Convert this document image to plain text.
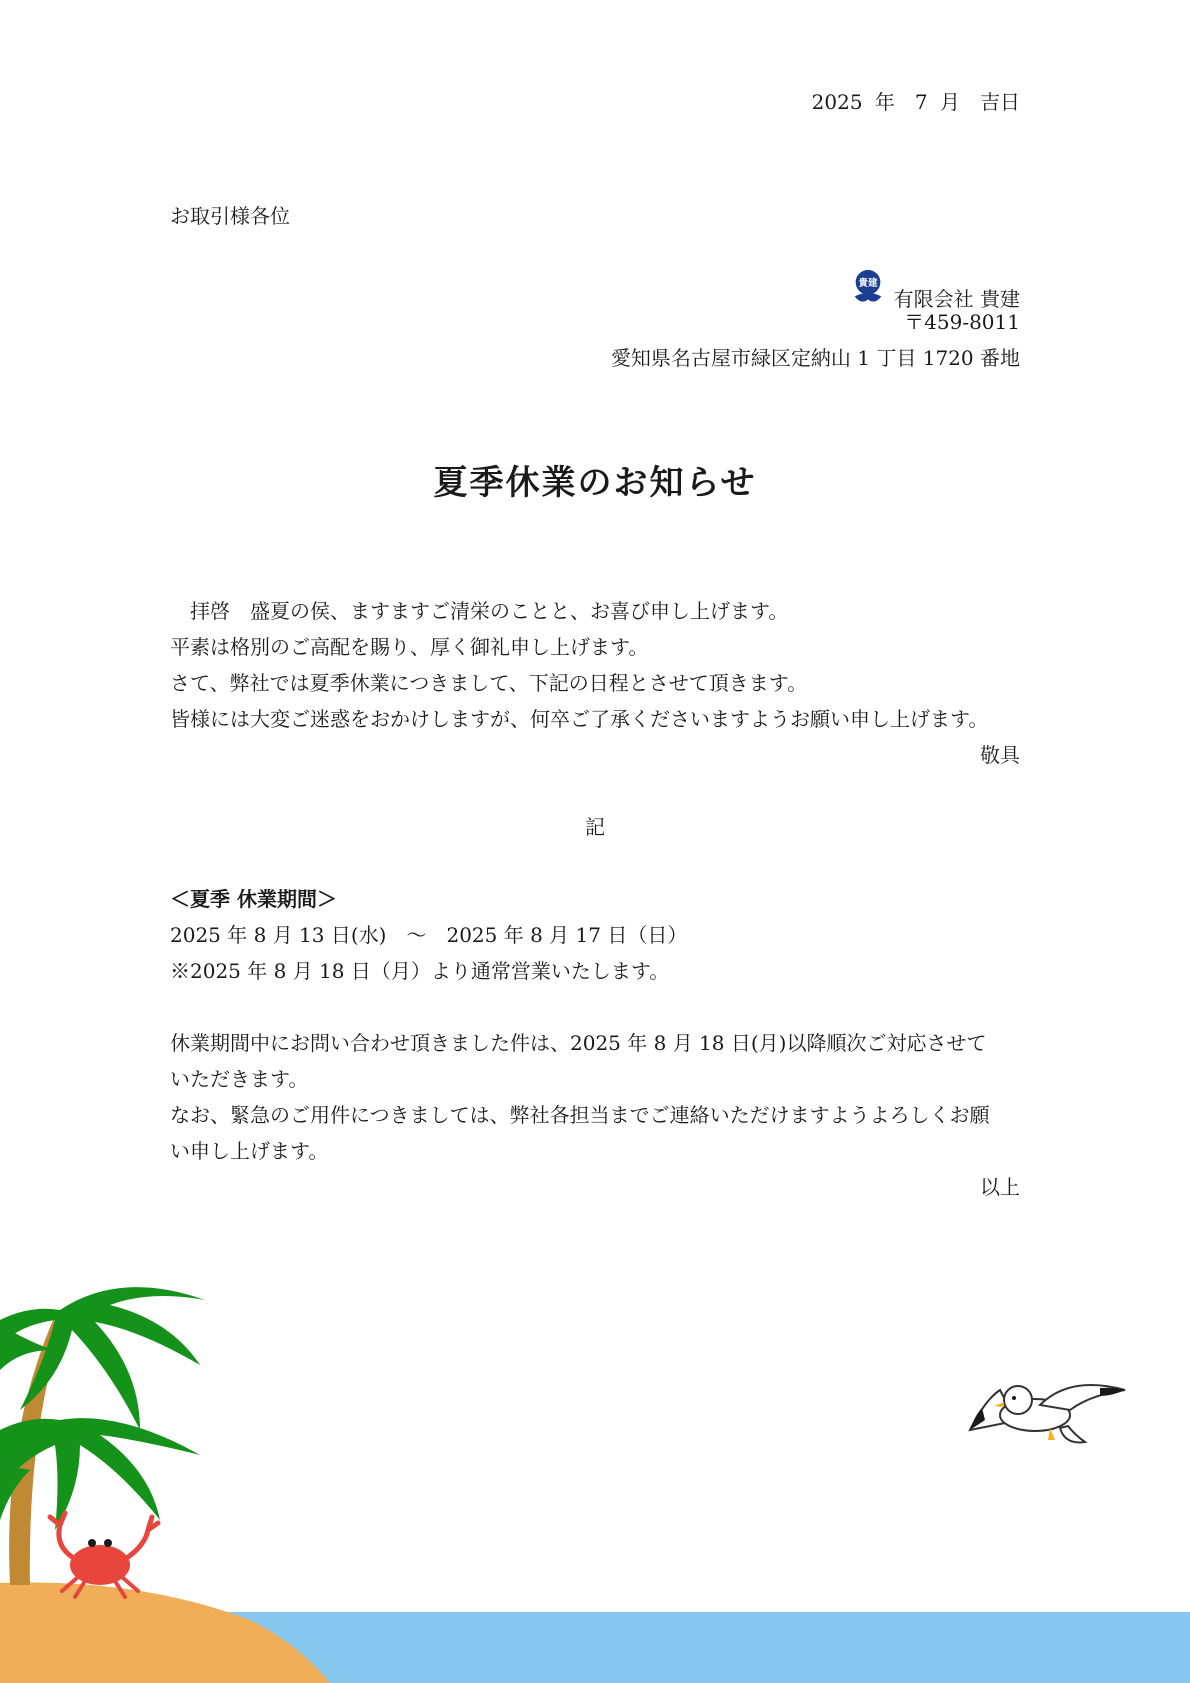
2025 年　7 月　吉日
お取引様各位
貴建
有限会社 貴建
〒459-8011
愛知県名古屋市緑区定納山 1 丁目 1720 番地
夏季休業のお知らせ
拝啓　盛夏の侯、ますますご清栄のことと、お喜び申し上げます。
平素は格別のご高配を賜り、厚く御礼申し上げます。
さて、弊社では夏季休業につきまして、下記の日程とさせて頂きます。
皆様には大変ご迷惑をおかけしますが、何卒ご了承くださいますようお願い申し上げます。
敬具
記
＜夏季 休業期間＞
2025 年 8 月 13 日(水)　～　2025 年 8 月 17 日（日）
※2025 年 8 月 18 日（月）より通常営業いたします。
休業期間中にお問い合わせ頂きました件は、2025 年 8 月 18 日(月)以降順次ご対応させて
いただきます。
なお、緊急のご用件につきましては、弊社各担当までご連絡いただけますようよろしくお願
い申し上げます。
以上
